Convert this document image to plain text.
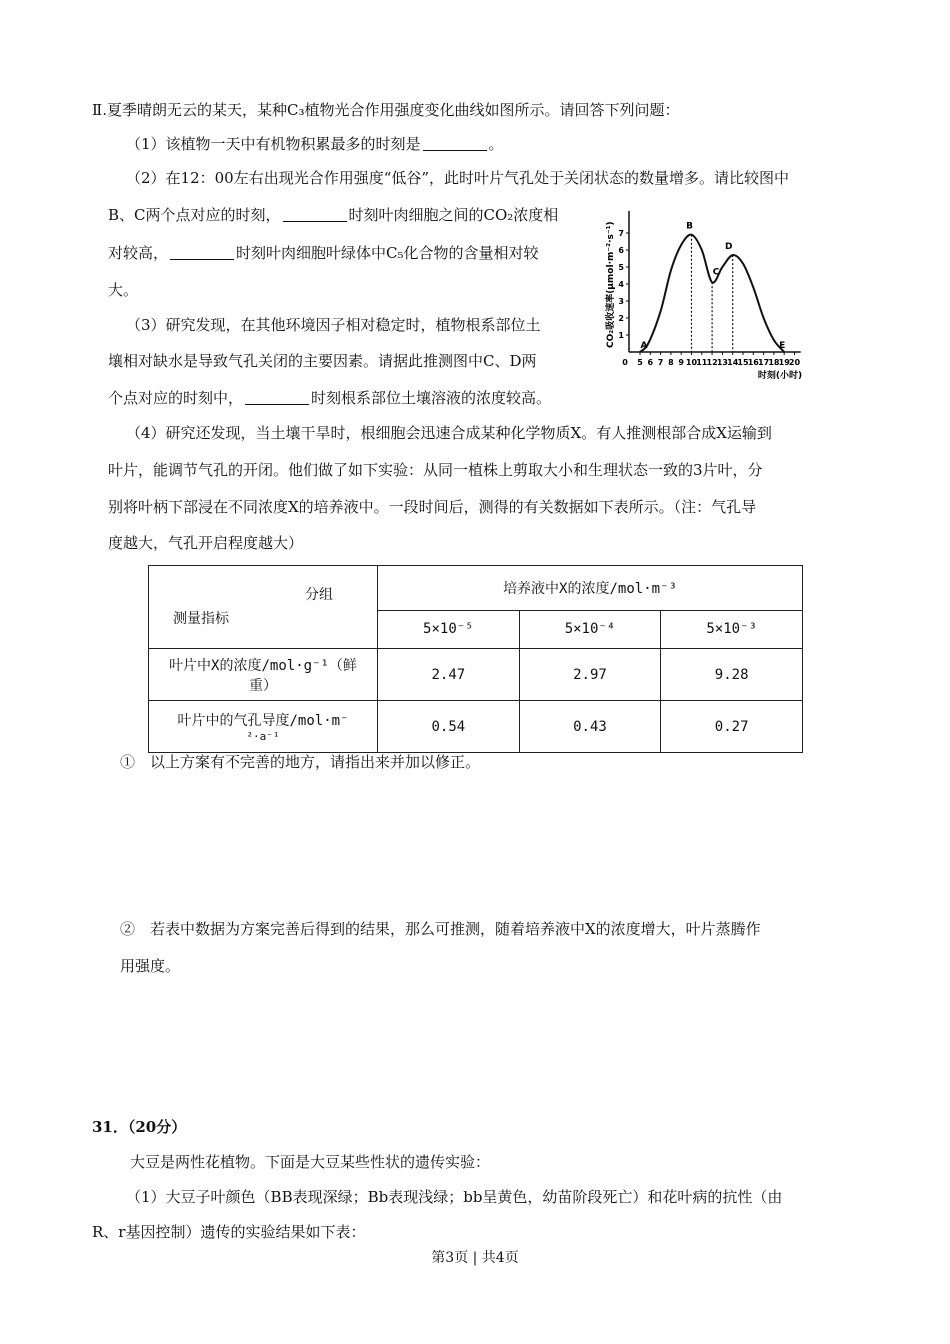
Ⅱ.夏季晴朗无云的某天，某种C₃植物光合作用强度变化曲线如图所示。请回答下列问题：
（1）该植物一天中有机物积累最多的时刻是	。
（2）在12：00左右出现光合作用强度“低谷”，此时叶片气孔处于关闭状态的数量增多。请比较图中
B、C两个点对应的时刻，	时刻叶肉细胞之间的CO₂浓度相
对较高，	时刻叶肉细胞叶绿体中C₅化合物的含量相对较
大。
（3）研究发现，在其他环境因子相对稳定时，植物根系部位土
壤相对缺水是导致气孔关闭的主要因素。请据此推测图中C、D两
个点对应的时刻中，	时刻根系部位土壤溶液的浓度较高。
（4）研究还发现，当土壤干旱时，根细胞会迅速合成某种化学物质X。有人推测根部合成X运输到
叶片，能调节气孔的开闭。他们做了如下实验：从同一植株上剪取大小和生理状态一致的3片叶，分
别将叶柄下部浸在不同浓度X的培养液中。一段时间后，测得的有关数据如下表所示。（注：气孔导
度越大，气孔开启程度越大）
0 5 6 7 8 9 10 11 12 13 14 15 16 17 18 19 20
1
2
3
4
5
6
7
A
B
C
D
E
CO₂吸收速率(μmol·m⁻²·s⁻¹)
时刻(小时)
分组
测量指标	培养液中X的浓度/mol·m⁻³		
	5×10⁻⁵	5×10⁻⁴	5×10⁻³

叶片中X的浓度/mol·g⁻¹（鲜
重）	2.47	2.97	9.28

叶片中的气孔导度/mol·m⁻
²·a⁻¹	0.54	0.43	0.27
①　以上方案有不完善的地方，请指出来并加以修正。
②　若表中数据为方案完善后得到的结果，那么可推测，随着培养液中X的浓度增大，叶片蒸腾作
用强度。
31．（20分）
大豆是两性花植物。下面是大豆某些性状的遗传实验：
（1）大豆子叶颜色（BB表现深绿；Bb表现浅绿；bb呈黄色，幼苗阶段死亡）和花叶病的抗性（由
R、r基因控制）遗传的实验结果如下表：
第3页 | 共4页
